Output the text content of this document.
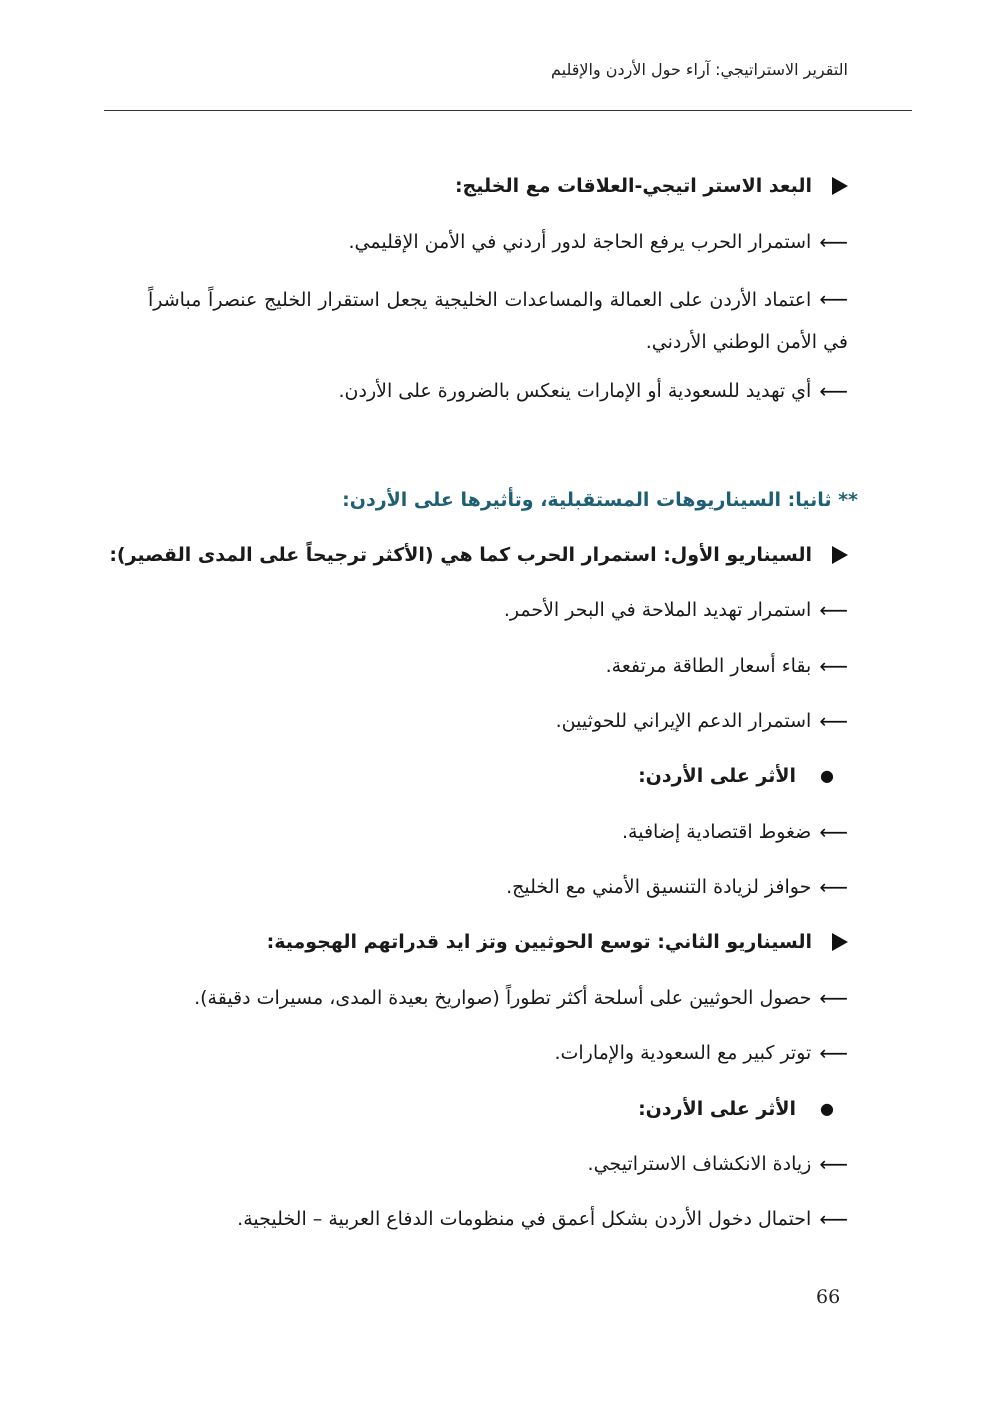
التقرير الاستراتيجي: آراء حول الأردن والإقليم
البعد الاستر اتيجي-العلاقات مع الخليج:
⟵
استمرار الحرب يرفع الحاجة لدور أردني في الأمن الإقليمي.
⟵اعتماد الأردن على العمالة والمساعدات الخليجية يجعل استقرار الخليج عنصراً مباشراً في الأمن الوطني الأردني.
⟵
أي تهديد للسعودية أو الإمارات ينعكس بالضرورة على الأردن.
** ثانيا: السيناريوهات المستقبلية، وتأثيرها على الأردن:
السيناريو الأول: استمرار الحرب كما هي (الأكثر ترجيحاً على المدى القصير):
⟵
استمرار تهديد الملاحة في البحر الأحمر.
⟵
بقاء أسعار الطاقة مرتفعة.
⟵
استمرار الدعم الإيراني للحوثيين.
●
الأثر على الأردن:
⟵
ضغوط اقتصادية إضافية.
⟵
حوافز لزيادة التنسيق الأمني مع الخليج.
السيناريو الثاني: توسع الحوثيين وتز ايد قدراتهم الهجومية:
⟵
حصول الحوثيين على أسلحة أكثر تطوراً (صواريخ بعيدة المدى، مسيرات دقيقة).
⟵
توتر كبير مع السعودية والإمارات.
●
الأثر على الأردن:
⟵
زيادة الانكشاف الاستراتيجي.
⟵
احتمال دخول الأردن بشكل أعمق في منظومات الدفاع العربية – الخليجية.
66
